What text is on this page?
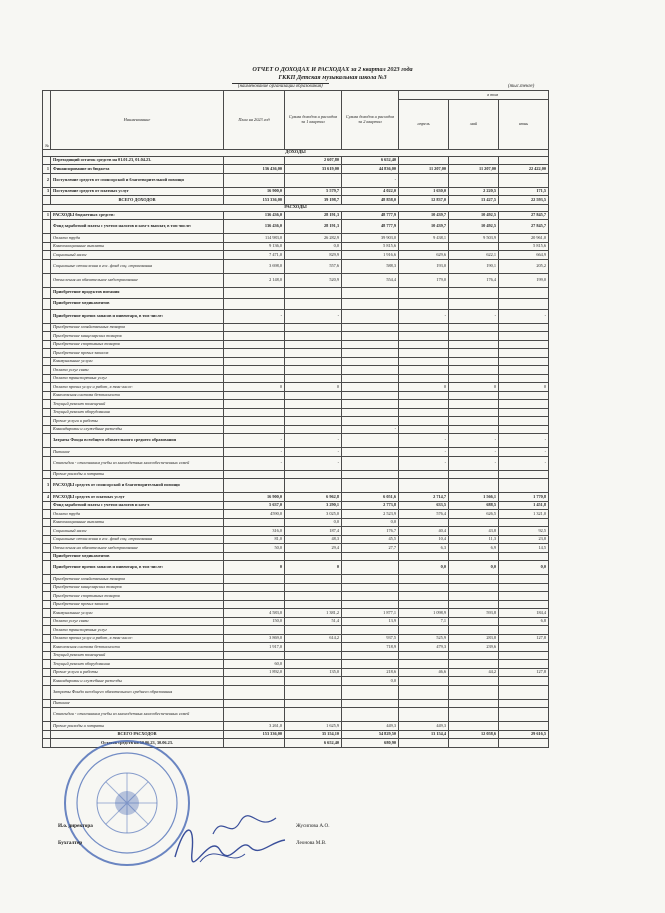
ОТЧЕТ О ДОХОДАХ И РАСХОДАХ за 2 квартал 2023 года
ГККП Детская музыкальная школа №3
(наименование организации образования)	(тыс.тенге)
№	Наименование	План на 2023 год	Сумма доходов и расходов за 1 квартал	Сумма доходов и расходов за 2 квартал	в том		
					апрель	май	июнь
ДОХОДЫ							
	Переходящий остаток средств на 01.01.23, 01.04.23.		2 607,80	6 652,40			
1	Финансирование из бюджета	136 436,00	33 619,00	44 836,00	11 207,00	11 207,00	22 422,00
2	Поступление средств от спонсорской и благотворительной помощи			-			
3	Поступление средств от платных услуг	16 900,0	5 579,7	4 022,0	1 630,0	2 220,5	171,5
	ВСЕГО ДОХОДОВ	153 336,00	39 198,7	48 858,0	12 837,0	13 427,5	22 593,5
РАСХОДЫ							
1	РАСХОДЫ бюджетных средств:	136 436,0	28 191,3	48 777,9	10 439,7	10 492,5	27 845,7
	Фонд заработной платы с учетом налогов и ком-х выплат, в том числе:	136 436,0	28 191,3	48 777,9	10 439,7	10 492,5	27 845,7
	Оплата труда	114 983,0	26 282,9	39 903,0	9 438,1	9 503,9	20 961,0
	Компенсационные выплаты	9 136,0	0,0	5 815,6			5 815,6
	Социальный налог	7 471,0	829,9	1 916,6	629,6	622,1	664,9
	Социальные отчисления в гос. фонд соц. страхования	3 698,0	557,6	588,3	193,0	190,1	205,2
	Отчисления на обязательное медстрахование	2 148,0	520,9	554,4	179,0	176,4	199,0
	Приобретение продуктов питания						
	Приобретение медикаментов						
	Приобретение прочих запасов и инвентаря, в том числе:	-	-		-	-	-
	Приобретение хозяйственных товаров						
	Приобретение канцелярских товаров						
	Приобретение спортивных товаров						
	Приобретение прочих запасов						
	Коммунальные услуги						
	Оплата услуг связи						
	Оплата транспортных услуг						
	Оплата прочих услуг и работ, в том числе:	0	0		0	0	0
	Комплексная система безопасности						
	Текущий ремонт помещений						
	Текущий ремонт оборудования						
	Прочие услуги и работы						
	Командировки и служебные разъезды			-			
	Затраты Фонда всеобщего обязательного среднего образования	-	-		-	-	-
	Питание	-	-		-	-	-
	Стипендии - отличникам учебы из многодетных малообеспеченных семей	-	-		-	-	-
	Прочие расходы и затраты						
3	РАСХОДЫ средств от спонсорской и благотворительной помощи						
4	РАСХОДЫ средств от платных услуг	16 900,0	6 962,8	6 051,6	2 714,7	1 566,1	1 770,8
	Фонд заработной платы с учетом налогов и ком-х	5 637,0	3 290,1	2 773,8	633,5	688,5	1 451,8
	Оплата труда	4590,0	3 025,0	2 523,9	576,4	626,5	1 321,0
	Компенсационные выплаты		0,0	0,0			
	Социальный налог	316,0	187,4	176,7	40,4	43,8	92,5
	Социальные отчисления в гос. фонд соц. страхования	81,0	48,3	45,5	10,4	11,3	23,8
	Отчисления на обязательное медстрахование	50,0	29,4	27,7	6,3	6,9	14,5
	Приобретение медикаментов						
	Приобретение прочих запасов и инвентаря, в том числе:	0	0		0,0	0,0	0,0
	Приобретение хозяйственных товаров						
	Приобретение канцелярских товаров						
	Приобретение спортивных товаров						
	Приобретение прочих запасов						
	Коммунальные услуги	4 583,0	1 381,2	1 877,1	1 098,9	593,8	184,4
	Оплата услуг связи	150,0	51,4	13,9	7,1		6,8
	Оплата транспортных услуг						
	Оплата прочих услуг и работ, в том числе:	3 869,0	614,2	937,5	525,9	283,8	127,8
	Комплексная система безопасности	1 917,0		718,9	479,3	239,6	
	Текущий ремонт помещений						
	Текущий ремонт оборудования	60,0					
	Прочие услуги и работы	1 892,0	135,0	218,6	46,6	44,2	127,8
	Командировки и служебные разъезды			0,0			
	Затраты Фонда всеобщего обязательного среднего образования						
	Питание						
	Стипендии - отличникам учебы из многодетных малообеспеченных семей						
	Прочие расходы и затраты	3 261,0	1 625,9	449,3	449,3		
	ВСЕГО РАСХОДОВ	153 336,00	35 154,10	54 829,50	13 154,4	12 058,6	29 616,5
	Остаток средств на 30.06.23, 30.06.23.		6 652,40	680,90			
И.о. директора	Жусипова А.О.
Бухгалтер	Леонова М.В.
